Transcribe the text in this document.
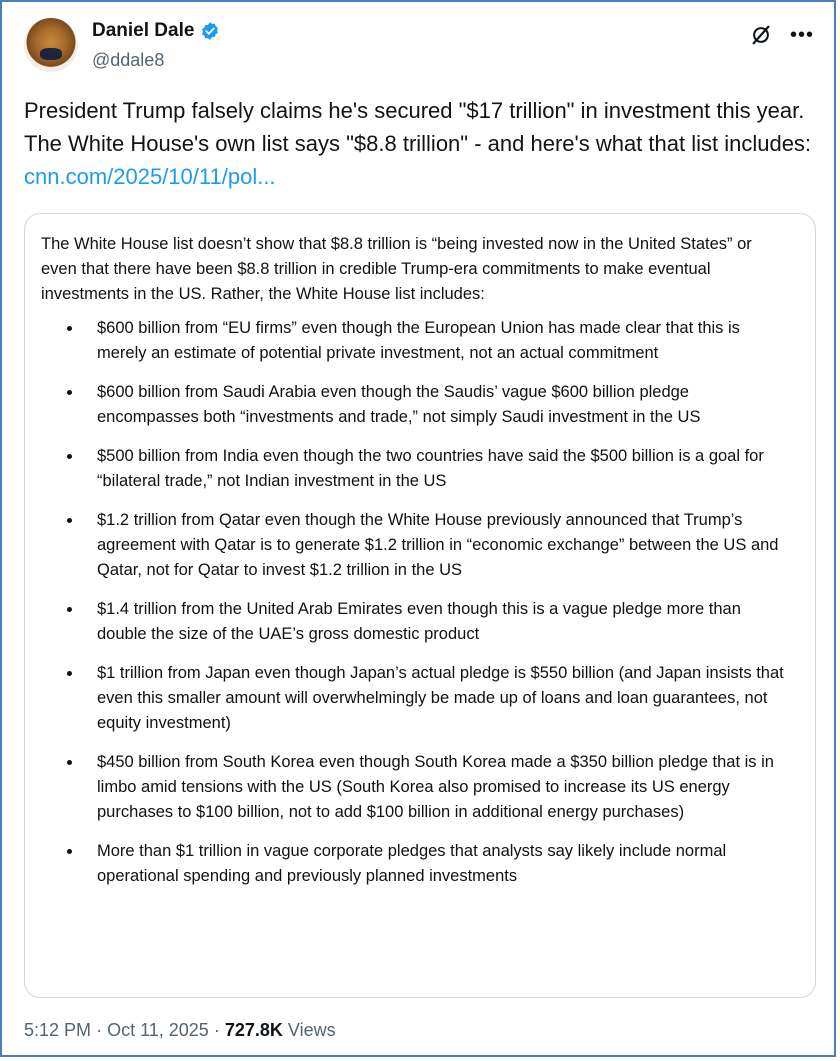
Daniel Dale
@ddale8
•••
President Trump falsely claims he's secured "$17 trillion" in investment this year. The White House's own list says "$8.8 trillion" - and here's what that list includes: cnn.com/2025/10/11/pol...
The White House list doesn’t show that $8.8 trillion is “being invested now in the United States” or even that there have been $8.8 trillion in credible Trump-era commitments to make eventual investments in the US. Rather, the White House list includes:
$600 billion from “EU firms” even though the European Union has made clear that this is merely an estimate of potential private investment, not an actual commitment
$600 billion from Saudi Arabia even though the Saudis’ vague $600 billion pledge encompasses both “investments and trade,” not simply Saudi investment in the US
$500 billion from India even though the two countries have said the $500 billion is a goal for “bilateral trade,” not Indian investment in the US
$1.2 trillion from Qatar even though the White House previously announced that Trump’s agreement with Qatar is to generate $1.2 trillion in “economic exchange” between the US and Qatar, not for Qatar to invest $1.2 trillion in the US
$1.4 trillion from the United Arab Emirates even though this is a vague pledge more than double the size of the UAE’s gross domestic product
$1 trillion from Japan even though Japan’s actual pledge is $550 billion (and Japan insists that even this smaller amount will overwhelmingly be made up of loans and loan guarantees, not equity investment)
$450 billion from South Korea even though South Korea made a $350 billion pledge that is in limbo amid tensions with the US (South Korea also promised to increase its US energy purchases to $100 billion, not to add $100 billion in additional energy purchases)
More than $1 trillion in vague corporate pledges that analysts say likely include normal operational spending and previously planned investments
5:12 PM · Oct 11, 2025 · 727.8K Views
